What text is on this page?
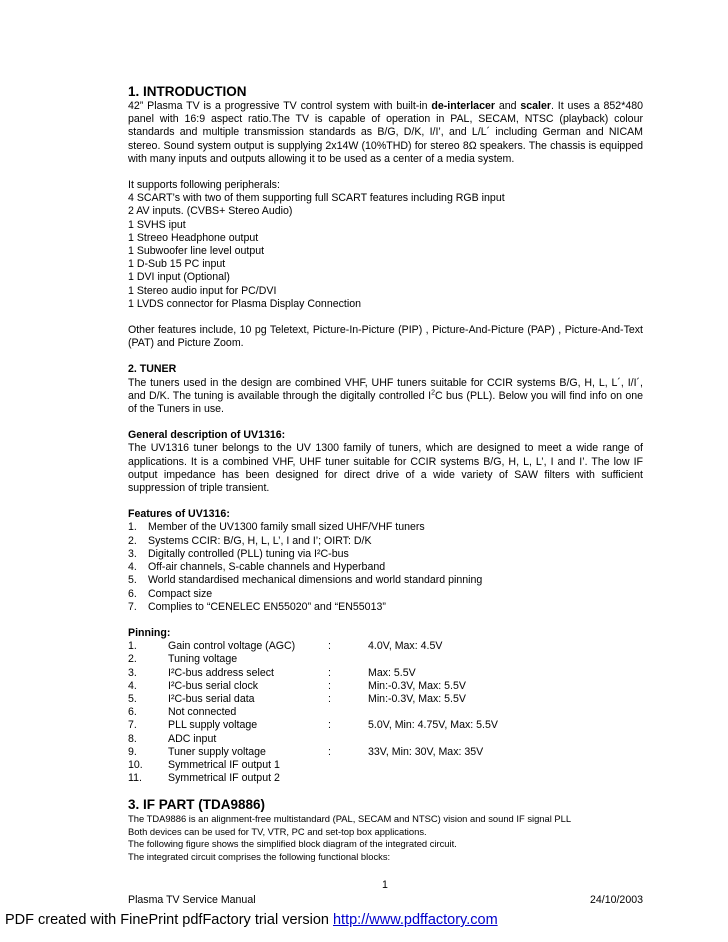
1. INTRODUCTION

42” Plasma TV is a progressive TV control system with built-in de-interlacer and scaler. It uses a 852*480 panel with 16:9 aspect ratio.The TV is capable of operation in PAL, SECAM, NTSC (playback) colour standards and multiple transmission standards as B/G, D/K, I/I’, and L/L´ including German and NICAM stereo. Sound system output is supplying 2x14W (10%THD) for stereo 8Ω speakers. The chassis is equipped with many inputs and outputs allowing it to be used as a center of a media system.

It supports following peripherals:
4 SCART’s with two of them supporting full SCART features including RGB input
2 AV inputs. (CVBS+ Stereo Audio)
1 SVHS iput
1 Streeo Headphone output
1 Subwoofer line level output
1 D-Sub 15 PC input
1 DVI input (Optional)
1 Stereo audio input for PC/DVI
1 LVDS connector for Plasma Display Connection

Other features include, 10 pg Teletext, Picture-In-Picture (PIP) , Picture-And-Picture (PAP) , Picture-And-Text (PAT) and Picture Zoom.

2. TUNER

The tuners used in the design are combined VHF, UHF tuners suitable for CCIR systems B/G, H, L, L´, I/I´, and D/K. The tuning is available through the digitally controlled $I^2C$ bus (PLL). Below you will find info on one of the Tuners in use.

General description of UV1316:

The UV1316 tuner belongs to the UV 1300 family of tuners, which are designed to meet a wide range of applications. It is a combined VHF, UHF tuner suitable for CCIR systems B/G, H, L, L’, I and I’. The low IF output impedance has been designed for direct drive of a wide variety of SAW filters with sufficient suppression of triple transient.

Features of UV1316:
1. Member of the UV1300 family small sized UHF/VHF tuners
2. Systems CCIR: B/G, H, L, L’, I and I’; OIRT: D/K
3. Digitally controlled (PLL) tuning via I²C-bus
4. Off-air channels, S-cable channels and Hyperband
5. World standardised mechanical dimensions and world standard pinning
6. Compact size
7. Complies to “CENELEC EN55020” and “EN55013”
Pinning:
1.	Gain control voltage (AGC)	:	4.0V, Max: 4.5V
2.	Tuning voltage		
3.	I²C-bus address select	:	Max: 5.5V
4.	I²C-bus serial clock	:	Min:-0.3V, Max: 5.5V
5.	I²C-bus serial data	:	Min:-0.3V, Max: 5.5V
6.	Not connected		
7.	PLL supply voltage	:	5.0V, Min: 4.75V, Max: 5.5V
8.	ADC input		
9.	Tuner supply voltage	:	33V, Min: 30V, Max: 35V
10.	Symmetrical IF output 1		
11.	Symmetrical IF output 2		
3. IF PART (TDA9886)
The TDA9886 is an alignment-free multistandard (PAL, SECAM and NTSC) vision and sound IF signal PLL
Both devices can be used for TV, VTR, PC and set-top box applications.
The following figure shows the simplified block diagram of the integrated circuit.
The integrated circuit comprises the following functional blocks:
1
Plasma TV Service Manual	24/10/2003
PDF created with FinePrint pdfFactory trial version http://www.pdffactory.com
